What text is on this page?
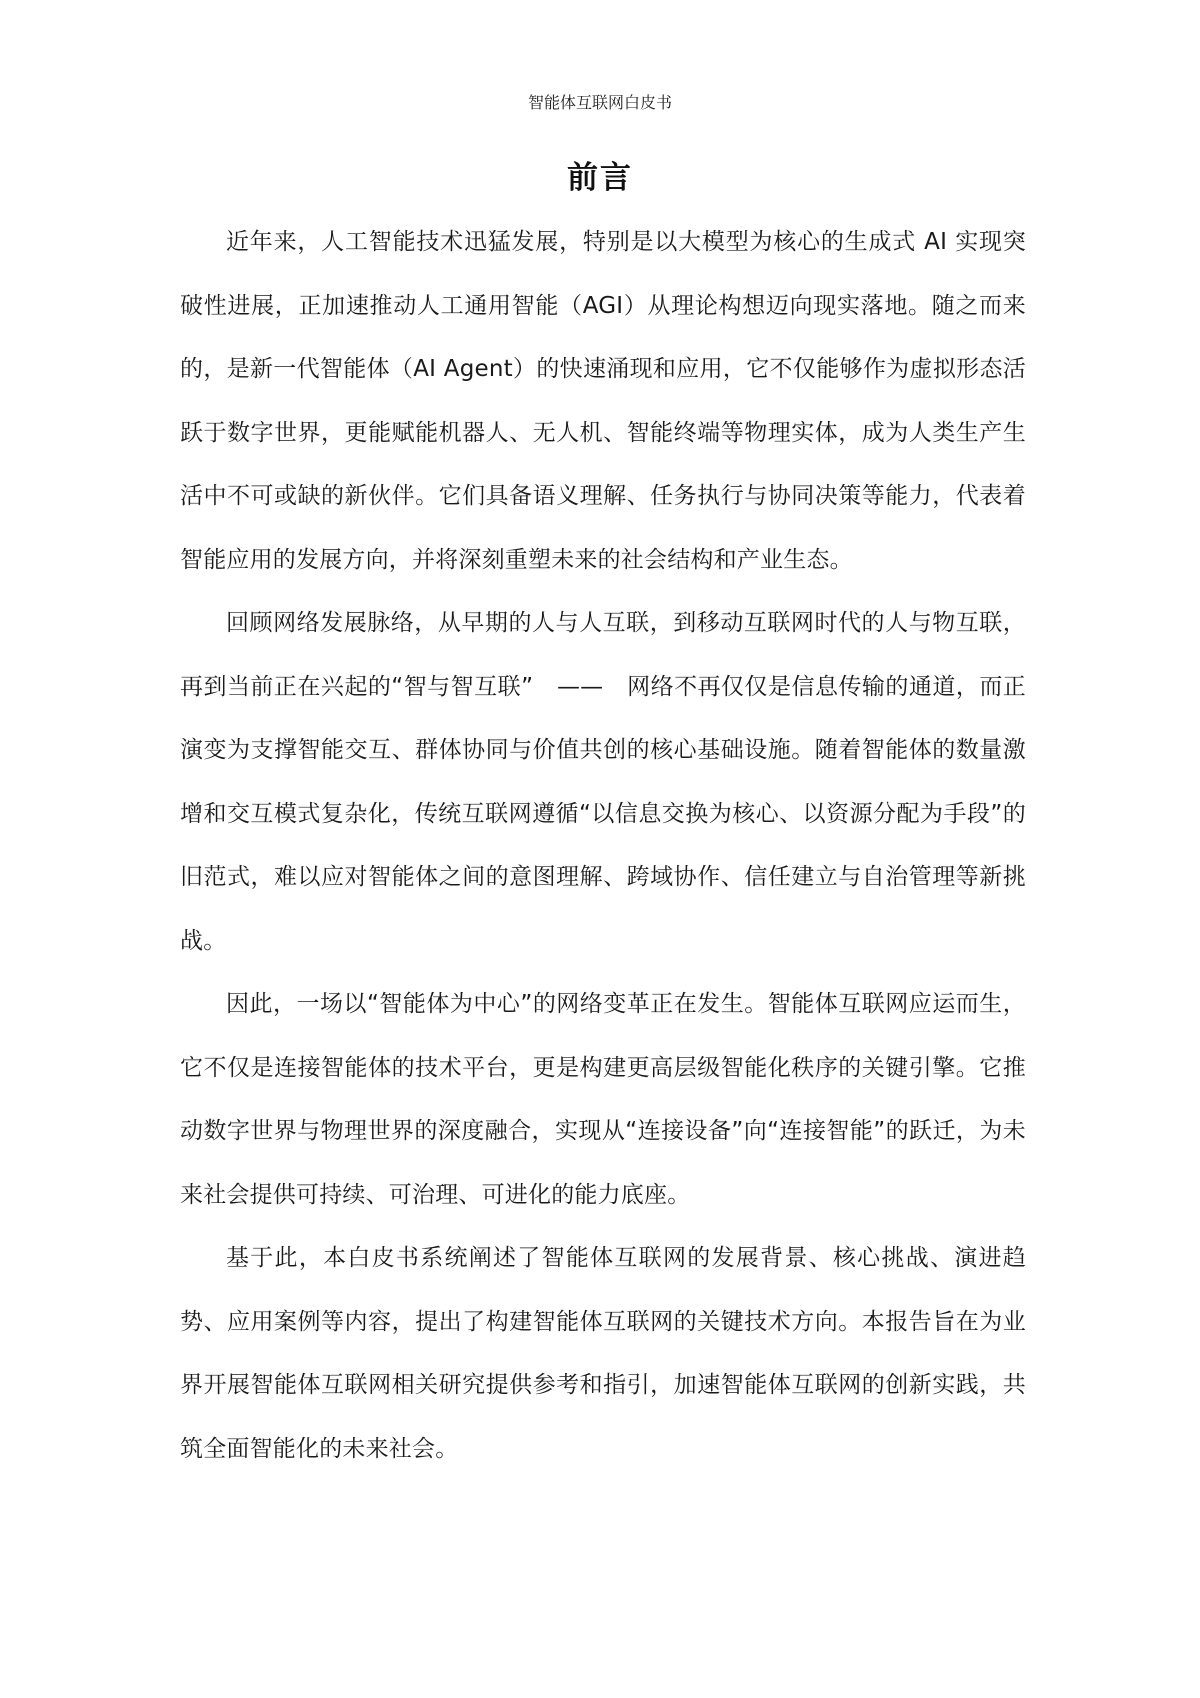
智能体互联网白皮书
前言

近年来，人工智能技术迅猛发展，特别是以大模型为核心的生成式 AI 实现突破性进展，正加速推动人工通用智能（AGI）从理论构想迈向现实落地。随之而来的，是新一代智能体（AI Agent）的快速涌现和应用，它不仅能够作为虚拟形态活跃于数字世界，更能赋能机器人、无人机、智能终端等物理实体，成为人类生产生活中不可或缺的新伙伴。它们具备语义理解、任务执行与协同决策等能力，代表着智能应用的发展方向，并将深刻重塑未来的社会结构和产业生态。

回顾网络发展脉络，从早期的人与人互联，到移动互联网时代的人与物互联，再到当前正在兴起的“智与智互联”　——　网络不再仅仅是信息传输的通道，而正演变为支撑智能交互、群体协同与价值共创的核心基础设施。随着智能体的数量激增和交互模式复杂化，传统互联网遵循“以信息交换为核心、以资源分配为手段”的旧范式，难以应对智能体之间的意图理解、跨域协作、信任建立与自治管理等新挑战。

因此，一场以“智能体为中心”的网络变革正在发生。智能体互联网应运而生，它不仅是连接智能体的技术平台，更是构建更高层级智能化秩序的关键引擎。它推动数字世界与物理世界的深度融合，实现从“连接设备”向“连接智能”的跃迁，为未来社会提供可持续、可治理、可进化的能力底座。

基于此，本白皮书系统阐述了智能体互联网的发展背景、核心挑战、演进趋势、应用案例等内容，提出了构建智能体互联网的关键技术方向。本报告旨在为业界开展智能体互联网相关研究提供参考和指引，加速智能体互联网的创新实践，共筑全面智能化的未来社会。
